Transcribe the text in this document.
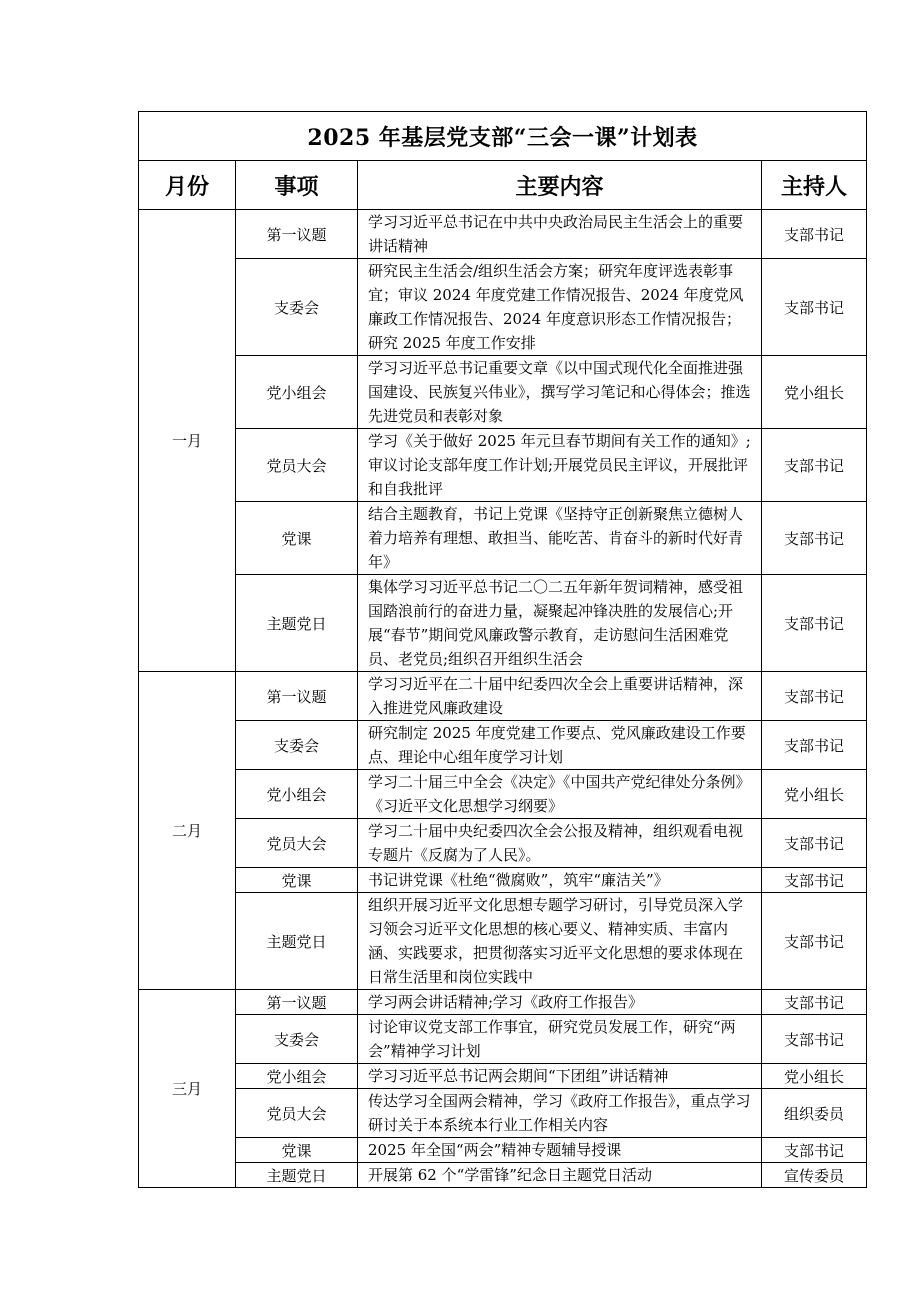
2025 年基层党支部“三会一课”计划表			
月份	事项	主要内容	主持人
一月	第一议题	学习习近平总书记在中共中央政治局民主生活会上的重要讲话精神	支部书记
	支委会	研究民主生活会/组织生活会方案；研究年度评选表彰事宜；审议 2024 年度党建工作情况报告、2024 年度党风廉政工作情况报告、2024 年度意识形态工作情况报告；研究 2025 年度工作安排	支部书记
	党小组会	学习习近平总书记重要文章《以中国式现代化全面推进强国建设、民族复兴伟业》，撰写学习笔记和心得体会；推选先进党员和表彰对象	党小组长
	党员大会	学习《关于做好 2025 年元旦春节期间有关工作的通知》;审议讨论支部年度工作计划;开展党员民主评议，开展批评和自我批评	支部书记
	党课	结合主题教育，书记上党课《坚持守正创新聚焦立德树人 着力培养有理想、敢担当、能吃苦、肯奋斗的新时代好青年》	支部书记
	主题党日	集体学习习近平总书记二〇二五年新年贺词精神，感受祖国踏浪前行的奋进力量，凝聚起冲锋决胜的发展信心;开展“春节”期间党风廉政警示教育，走访慰问生活困难党员、老党员;组织召开组织生活会	支部书记
二月	第一议题	学习习近平在二十届中纪委四次全会上重要讲话精神，深入推进党风廉政建设	支部书记
	支委会	研究制定 2025 年度党建工作要点、党风廉政建设工作要点、理论中心组年度学习计划	支部书记
	党小组会	学习二十届三中全会《决定》《中国共产党纪律处分条例》《习近平文化思想学习纲要》	党小组长
	党员大会	学习二十届中央纪委四次全会公报及精神，组织观看电视专题片《反腐为了人民》。	支部书记
	党课	书记讲党课《杜绝“微腐败”，筑牢“廉洁关”》	支部书记
	主题党日	组织开展习近平文化思想专题学习研讨，引导党员深入学习领会习近平文化思想的核心要义、精神实质、丰富内涵、实践要求，把贯彻落实习近平文化思想的要求体现在日常生活里和岗位实践中	支部书记
三月	第一议题	学习两会讲话精神;学习《政府工作报告》	支部书记
	支委会	讨论审议党支部工作事宜，研究党员发展工作，研究“两会”精神学习计划	支部书记
	党小组会	学习习近平总书记两会期间“下团组”讲话精神	党小组长
	党员大会	传达学习全国两会精神，学习《政府工作报告》，重点学习研讨关于本系统本行业工作相关内容	组织委员
	党课	2025 年全国“两会”精神专题辅导授课	支部书记
	主题党日	开展第 62 个“学雷锋”纪念日主题党日活动	宣传委员
